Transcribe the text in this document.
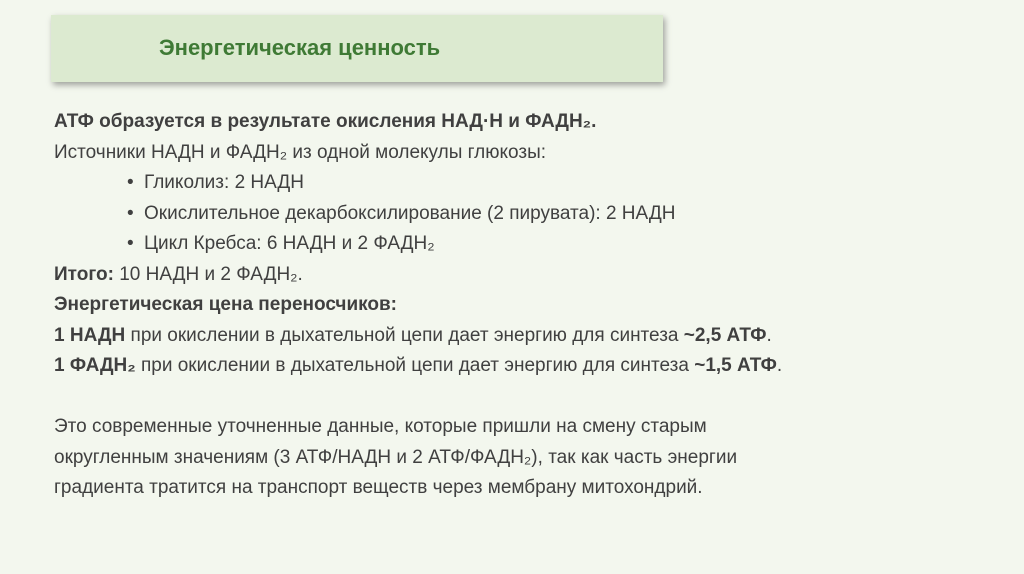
Энергетическая ценность
АТФ образуется в результате окисления НАД·Н и ФАДН₂.
Источники НАДН и ФАДН₂ из одной молекулы глюкозы:
• Гликолиз: 2 НАДН
• Окислительное декарбоксилирование (2 пирувата): 2 НАДН
• Цикл Кребса: 6 НАДН и 2 ФАДН₂
Итого: 10 НАДН и 2 ФАДН₂.
Энергетическая цена переносчиков:
1 НАДН при окислении в дыхательной цепи дает энергию для синтеза ~2,5 АТФ.
1 ФАДН₂ при окислении в дыхательной цепи дает энергию для синтеза ~1,5 АТФ.
Это современные уточненные данные, которые пришли на смену старым
округленным значениям (3 АТФ/НАДН и 2 АТФ/ФАДН₂), так как часть энергии
градиента тратится на транспорт веществ через мембрану митохондрий.
